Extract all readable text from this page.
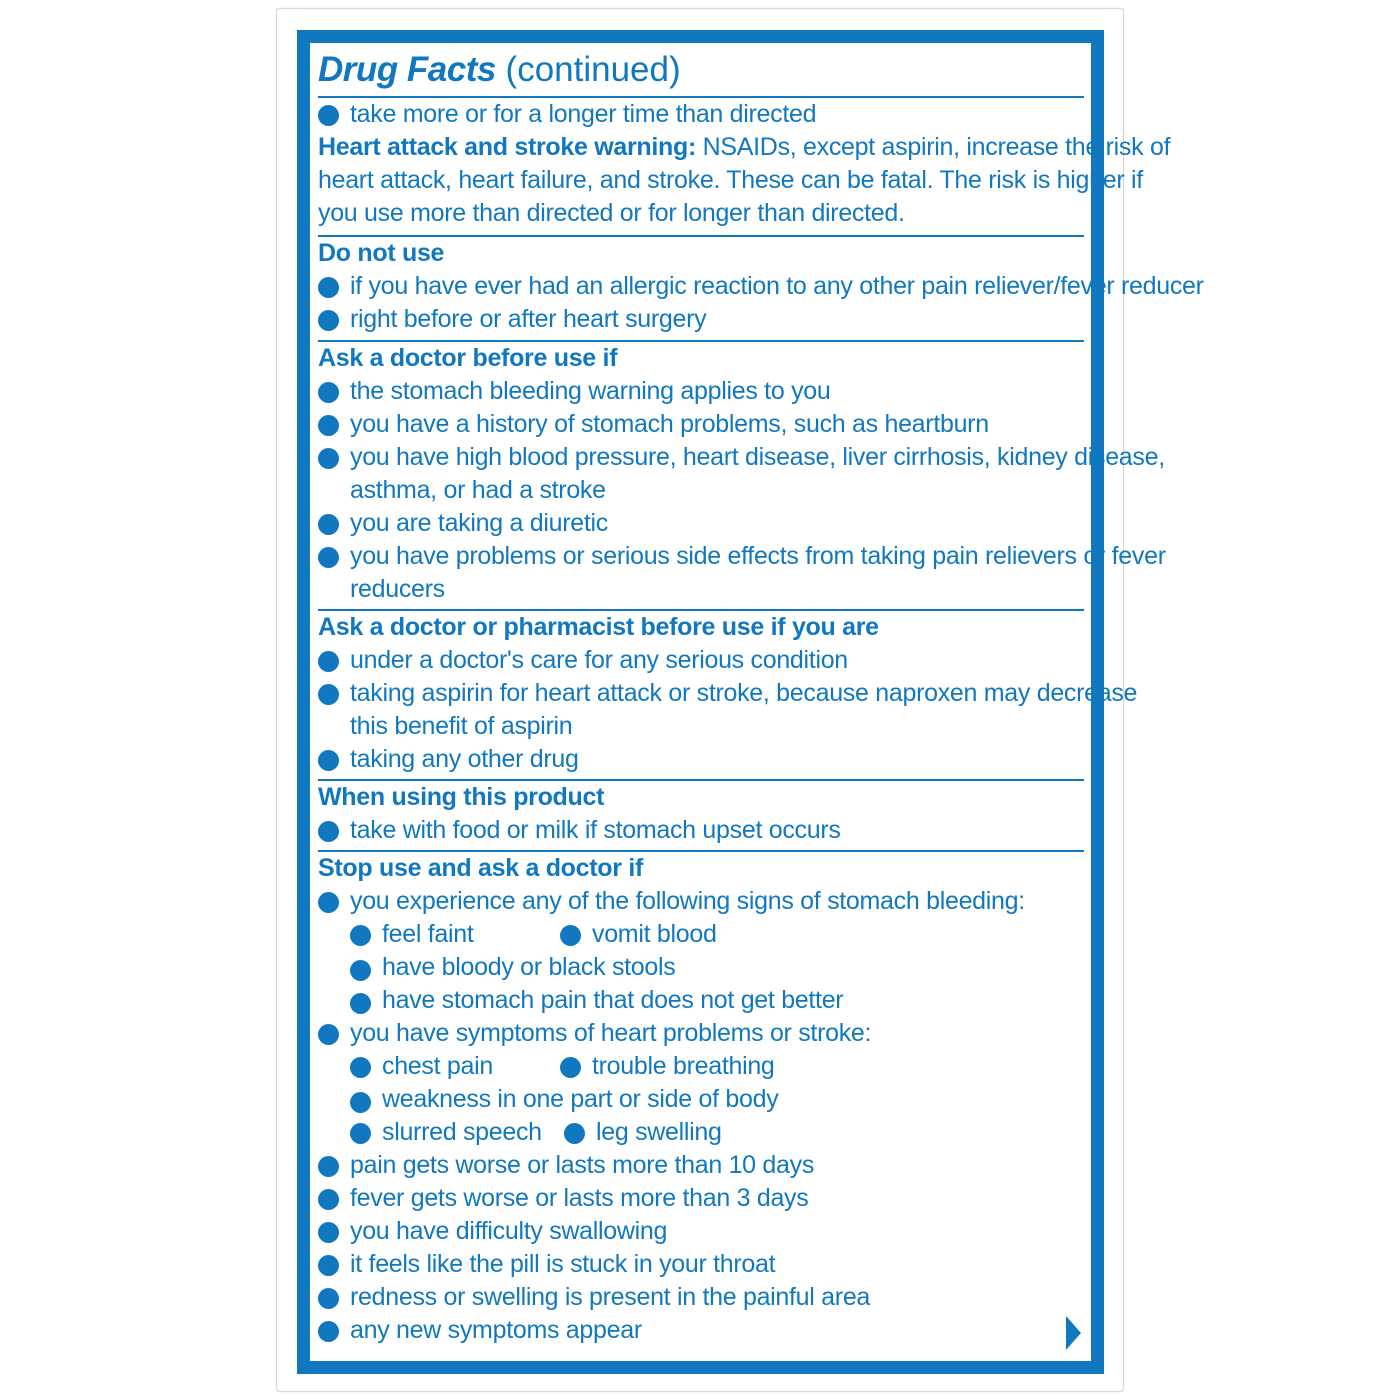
Drug Facts (continued)
take more or for a longer time than directed
Heart attack and stroke warning: NSAIDs, except aspirin, increase the risk of
heart attack, heart failure, and stroke. These can be fatal. The risk is higher if
you use more than directed or for longer than directed.
Do not use
if you have ever had an allergic reaction to any other pain reliever/fever reducer
right before or after heart surgery
Ask a doctor before use if
the stomach bleeding warning applies to you
you have a history of stomach problems, such as heartburn
you have high blood pressure, heart disease, liver cirrhosis, kidney disease,
asthma, or had a stroke
you are taking a diuretic
you have problems or serious side effects from taking pain relievers or fever
reducers
Ask a doctor or pharmacist before use if you are
under a doctor's care for any serious condition
taking aspirin for heart attack or stroke, because naproxen may decrease
this benefit of aspirin
taking any other drug
When using this product
take with food or milk if stomach upset occurs
Stop use and ask a doctor if
you experience any of the following signs of stomach bleeding:
feel faint	vomit blood
have bloody or black stools
have stomach pain that does not get better
you have symptoms of heart problems or stroke:
chest pain	trouble breathing
weakness in one part or side of body
slurred speech	leg swelling
pain gets worse or lasts more than 10 days
fever gets worse or lasts more than 3 days
you have difficulty swallowing
it feels like the pill is stuck in your throat
redness or swelling is present in the painful area
any new symptoms appear
